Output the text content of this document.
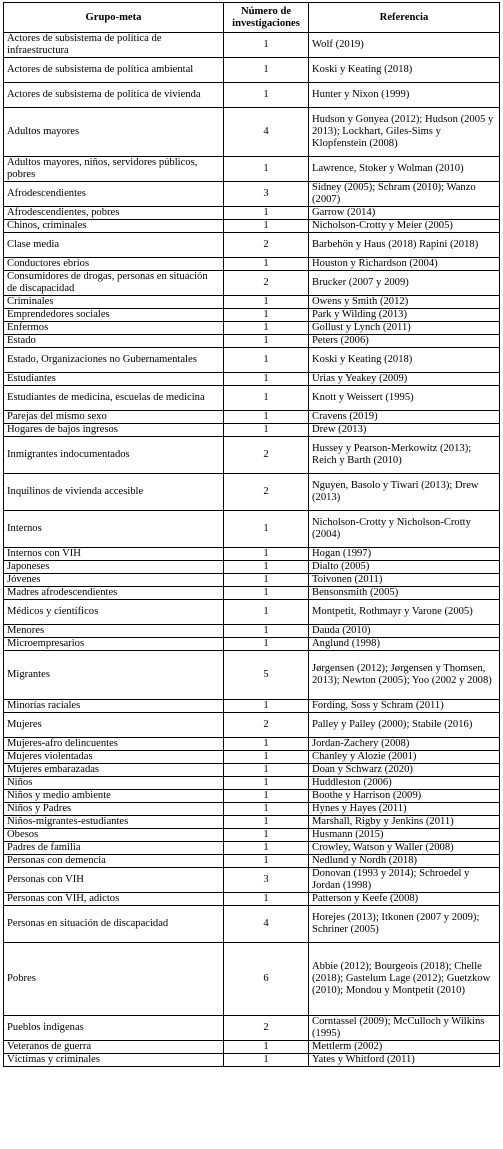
Grupo-meta	Número de investigaciones	Referencia
Actores de subsistema de política de infraestructura	1	Wolf (2019)
Actores de subsistema de política ambiental	1	Koski y Keating (2018)
Actores de subsistema de política de vivienda	1	Hunter y Nixon (1999)
Adultos mayores	4	Hudson y Gonyea (2012); Hudson (2005 y 2013); Lockhart, Giles-Sims y Klopfenstein (2008)
Adultos mayores, niños, servidores públicos, pobres	1	Lawrence, Stoker y Wolman (2010)
Afrodescendientes	3	Sidney (2005); Schram (2010); Wanzo (2007)
Afrodescendientes, pobres	1	Garrow (2014)
Chinos, criminales	1	Nicholson-Crotty y Meier (2005)
Clase media	2	Barbehön y Haus (2018) Rapini (2018)
Conductores ebrios	1	Houston y Richardson (2004)
Consumidores de drogas, personas en situación de discapacidad	2	Brucker (2007 y 2009)
Criminales	1	Owens y Smith (2012)
Emprendedores sociales	1	Park y Wilding (2013)
Enfermos	1	Gollust y Lynch (2011)
Estado	1	Peters (2006)
Estado, Organizaciones no Gubernamentales	1	Koski y Keating (2018)
Estudiantes	1	Urias y Yeakey (2009)
Estudiantes de medicina, escuelas de medicina	1	Knott y Weissert (1995)
Parejas del mismo sexo	1	Cravens (2019)
Hogares de bajos ingresos	1	Drew (2013)
Inmigrantes indocumentados	2	Hussey y Pearson-Merkowitz (2013); Reich y Barth (2010)
Inquilinos de vivienda accesible	2	Nguyen, Basolo y Tiwari (2013); Drew (2013)
Internos	1	Nicholson-Crotty y Nicholson-Crotty (2004)
Internos con VIH	1	Hogan (1997)
Japoneses	1	Dialto (2005)
Jóvenes	1	Toivonen (2011)
Madres afrodescendientes	1	Bensonsmith (2005)
Médicos y científicos	1	Montpetit, Rothmayr y Varone (2005)
Menores	1	Dauda (2010)
Microempresarios	1	Anglund (1998)
Migrantes	5	Jørgensen (2012); Jørgensen y Thomsen, 2013); Newton (2005); Yoo (2002 y 2008)
Minorías raciales	1	Fording, Soss y Schram (2011)
Mujeres	2	Palley y Palley (2000); Stabile (2016)
Mujeres-afro delincuentes	1	Jordan-Zachery (2008)
Mujeres violentadas	1	Chanley y Alozie (2001)
Mujeres embarazadas	1	Doan y Schwarz (2020)
Niños	1	Huddleston (2006)
Niños y medio ambiente	1	Boothe y Harrison (2009)
Niños y Padres	1	Hynes y Hayes (2011)
Niños-migrantes-estudiantes	1	Marshall, Rigby y Jenkins (2011)
Obesos	1	Husmann (2015)
Padres de familia	1	Crowley, Watson y Waller (2008)
Personas con demencia	1	Nedlund y Nordh (2018)
Personas con VIH	3	Donovan (1993 y 2014); Schroedel y Jordan (1998)
Personas con VIH, adictos	1	Patterson y Keefe (2008)
Personas en situación de discapacidad	4	Horejes (2013); Itkonen (2007 y 2009); Schriner (2005)
Pobres	6	Abbie (2012); Bourgeois (2018); Chelle (2018); Gastelum Lage (2012); Guetzkow (2010); Mondou y Montpetit (2010)
Pueblos indígenas	2	Corntassel (2009); McCulloch y Wilkins (1995)
Veteranos de guerra	1	Mettlerm (2002)
Víctimas y criminales	1	Yates y Whitford (2011)
